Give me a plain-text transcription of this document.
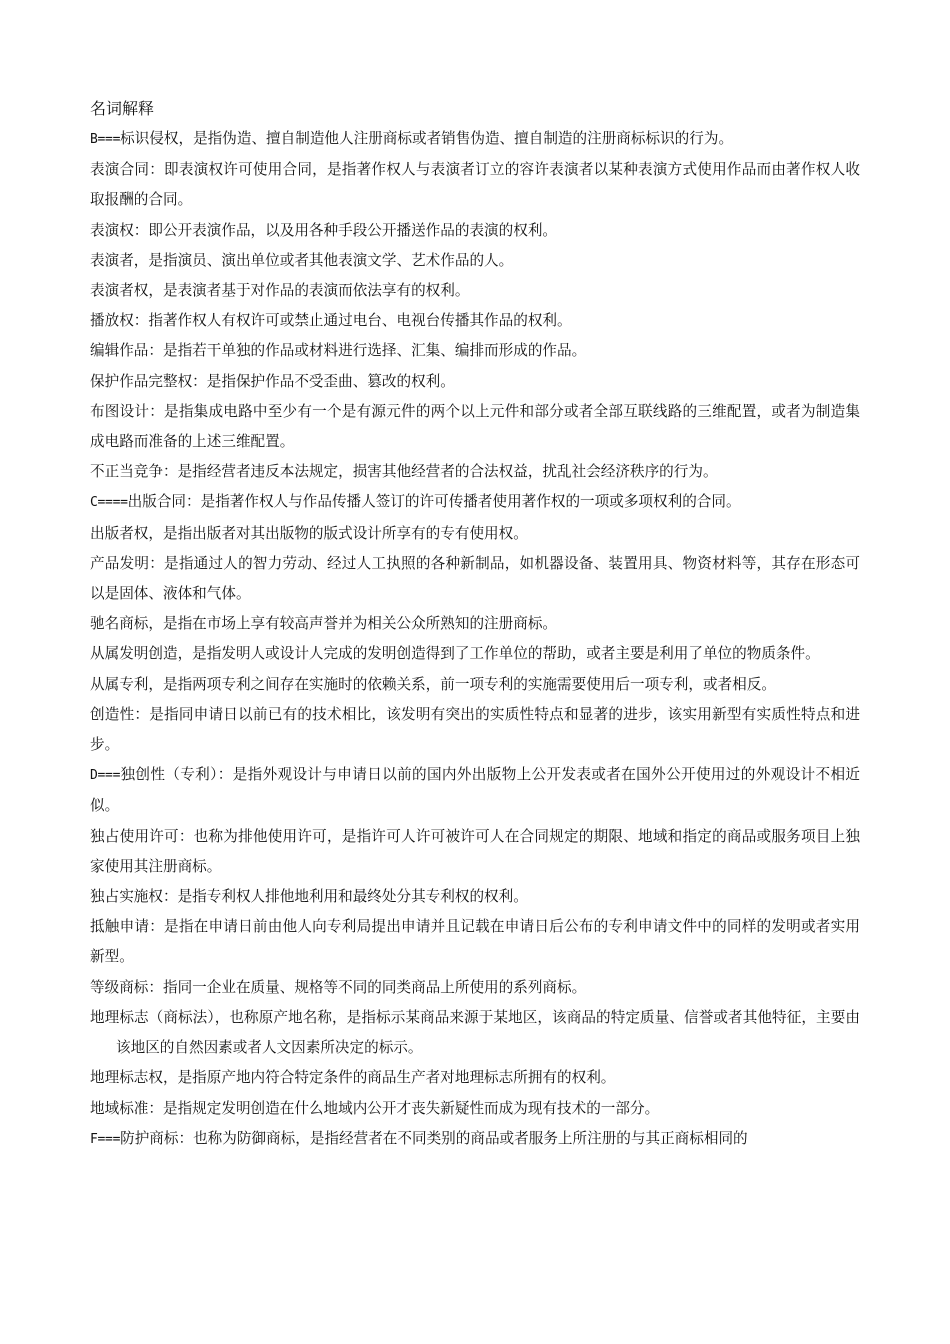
名词解释

B===标识侵权，是指伪造、擅自制造他人注册商标或者销售伪造、擅自制造的注册商标标识的行为。

表演合同：即表演权许可使用合同，是指著作权人与表演者订立的容许表演者以某种表演方式使用作品而由著作权人收取报酬的合同。

表演权：即公开表演作品，以及用各种手段公开播送作品的表演的权利。

表演者，是指演员、演出单位或者其他表演文学、艺术作品的人。

表演者权，是表演者基于对作品的表演而依法享有的权利。

播放权：指著作权人有权许可或禁止通过电台、电视台传播其作品的权利。

编辑作品：是指若干单独的作品或材料进行选择、汇集、编排而形成的作品。

保护作品完整权：是指保护作品不受歪曲、篡改的权利。

布图设计：是指集成电路中至少有一个是有源元件的两个以上元件和部分或者全部互联线路的三维配置，或者为制造集成电路而准备的上述三维配置。

不正当竞争：是指经营者违反本法规定，损害其他经营者的合法权益，扰乱社会经济秩序的行为。

C====出版合同：是指著作权人与作品传播人签订的许可传播者使用著作权的一项或多项权利的合同。

出版者权，是指出版者对其出版物的版式设计所享有的专有使用权。

产品发明：是指通过人的智力劳动、经过人工执照的各种新制品，如机器设备、装置用具、物资材料等，其存在形态可以是固体、液体和气体。

驰名商标，是指在市场上享有较高声誉并为相关公众所熟知的注册商标。

从属发明创造，是指发明人或设计人完成的发明创造得到了工作单位的帮助，或者主要是利用了单位的物质条件。

从属专利，是指两项专利之间存在实施时的依赖关系，前一项专利的实施需要使用后一项专利，或者相反。

创造性：是指同申请日以前已有的技术相比，该发明有突出的实质性特点和显著的进步，该实用新型有实质性特点和进步。

D===独创性（专利）：是指外观设计与申请日以前的国内外出版物上公开发表或者在国外公开使用过的外观设计不相近似。

独占使用许可：也称为排他使用许可，是指许可人许可被许可人在合同规定的期限、地域和指定的商品或服务项目上独家使用其注册商标。

独占实施权：是指专利权人排他地利用和最终处分其专利权的权利。

抵触申请：是指在申请日前由他人向专利局提出申请并且记载在申请日后公布的专利申请文件中的同样的发明或者实用新型。

等级商标：指同一企业在质量、规格等不同的同类商品上所使用的系列商标。

地理标志（商标法），也称原产地名称，是指标示某商品来源于某地区，该商品的特定质量、信誉或者其他特征，主要由该地区的自然因素或者人文因素所决定的标示。

地理标志权，是指原产地内符合特定条件的商品生产者对地理标志所拥有的权利。

地域标准：是指规定发明创造在什么地域内公开才丧失新疑性而成为现有技术的一部分。

F===防护商标：也称为防御商标，是指经营者在不同类别的商品或者服务上所注册的与其正商标相同的
